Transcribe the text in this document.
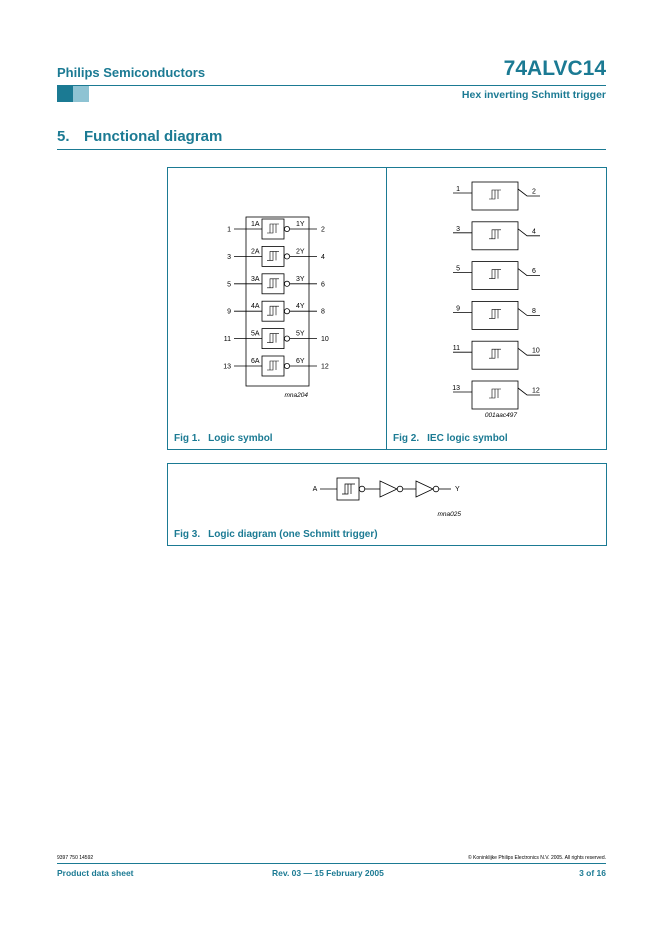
Philips Semiconductors	74ALVC14
Hex inverting Schmitt trigger
5. Functional diagram
1
1A	1Y
2
3
2A	2Y
4
5
3A	3Y
6
9
4A	4Y
8
11
5A	5Y
10
13
6A	6Y
12
mna204
Fig 1. Logic symbol
1	2
3	4
5	6
9	8
11	10
13	12
001aac497
Fig 2. IEC logic symbol
A	Y
mna025
Fig 3. Logic diagram (one Schmitt trigger)
9397 750 14592	© Koninklijke Philips Electronics N.V. 2005. All rights reserved.
Product data sheet	Rev. 03 — 15 February 2005	3 of 16
